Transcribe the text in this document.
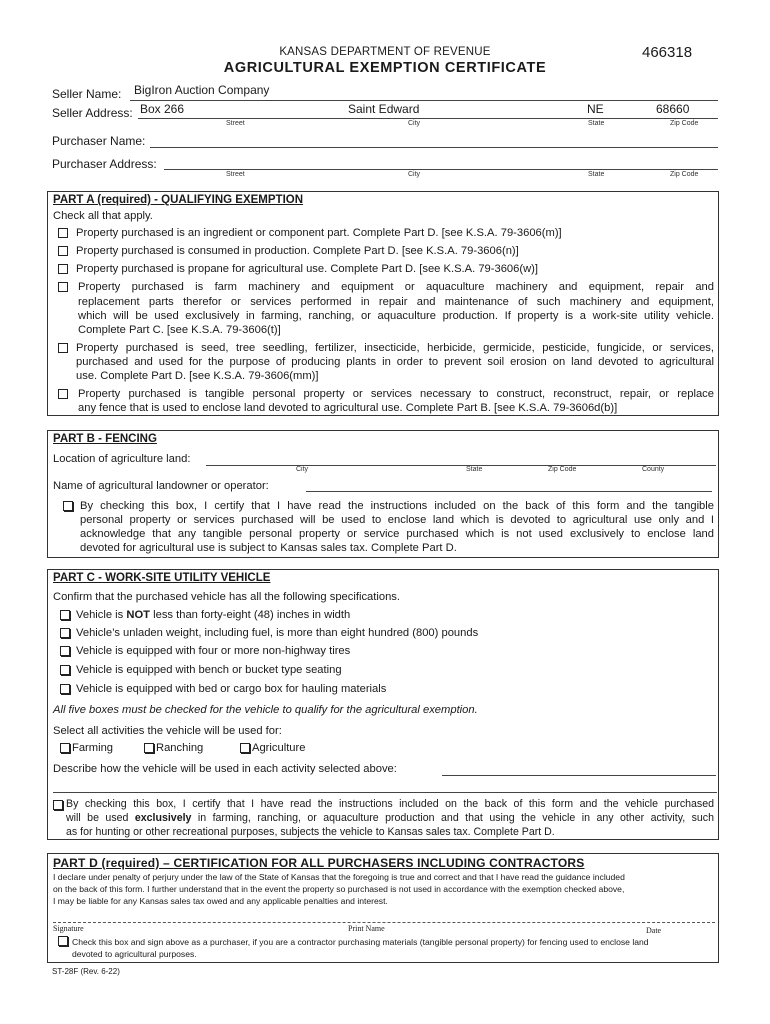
KANSAS DEPARTMENT OF REVENUE	466318
AGRICULTURAL EXEMPTION CERTIFICATE
Seller Name: BigIron Auction Company
Seller Address: Box 266	Saint Edward	NE	68660
Street	City	State	Zip Code
Purchaser Name:
Purchaser Address:
Street	City	State	Zip Code
PART A (required) - QUALIFYING EXEMPTION
Check all that apply.
Property purchased is an ingredient or component part. Complete Part D. [see K.S.A. 79-3606(m)]
Property purchased is consumed in production. Complete Part D. [see K.S.A. 79-3606(n)]
Property purchased is propane for agricultural use. Complete Part D. [see K.S.A. 79-3606(w)]
Property purchased is farm machinery and equipment or aquaculture machinery and equipment, repair and
replacement parts therefor or services performed in repair and maintenance of such machinery and equipment,
which will be used exclusively in farming, ranching, or aquaculture production. If property is a work-site utility vehicle.
Complete Part C. [see K.S.A. 79-3606(t)]
Property purchased is seed, tree seedling, fertilizer, insecticide, herbicide, germicide, pesticide, fungicide, or services,
purchased and used for the purpose of producing plants in order to prevent soil erosion on land devoted to agricultural
use. Complete Part D. [see K.S.A. 79-3606(mm)]
Property purchased is tangible personal property or services necessary to construct, reconstruct, repair, or replace
any fence that is used to enclose land devoted to agricultural use. Complete Part B. [see K.S.A. 79-3606d(b)]
PART B - FENCING
Location of agriculture land:
City	State	Zip Code	County
Name of agricultural landowner or operator:
By checking this box, I certify that I have read the instructions included on the back of this form and the tangible
personal property or services purchased will be used to enclose land which is devoted to agricultural use only and I
acknowledge that any tangible personal property or service purchased which is not used exclusively to enclose land
devoted for agricultural use is subject to Kansas sales tax. Complete Part D.
PART C - WORK-SITE UTILITY VEHICLE
Confirm that the purchased vehicle has all the following specifications.
Vehicle is NOT less than forty-eight (48) inches in width
Vehicle’s unladen weight, including fuel, is more than eight hundred (800) pounds
Vehicle is equipped with four or more non-highway tires
Vehicle is equipped with bench or bucket type seating
Vehicle is equipped with bed or cargo box for hauling materials
All five boxes must be checked for the vehicle to qualify for the agricultural exemption.
Select all activities the vehicle will be used for:
Farming	Ranching	Agriculture
Describe how the vehicle will be used in each activity selected above:
By checking this box, I certify that I have read the instructions included on the back of this form and the vehicle purchased
will be used exclusively in farming, ranching, or aquaculture production and that using the vehicle in any other activity, such
as for hunting or other recreational purposes, subjects the vehicle to Kansas sales tax. Complete Part D.
PART D (required) – CERTIFICATION FOR ALL PURCHASERS INCLUDING CONTRACTORS
I declare under penalty of perjury under the law of the State of Kansas that the foregoing is true and correct and that I have read the guidance included
on the back of this form. I further understand that in the event the property so purchased is not used in accordance with the exemption checked above,
I may be liable for any Kansas sales tax owed and any applicable penalties and interest.
Signature	Print Name	Date
Check this box and sign above as a purchaser, if you are a contractor purchasing materials (tangible personal property) for fencing used to enclose land
devoted to agricultural purposes.
ST-28F (Rev. 6-22)
